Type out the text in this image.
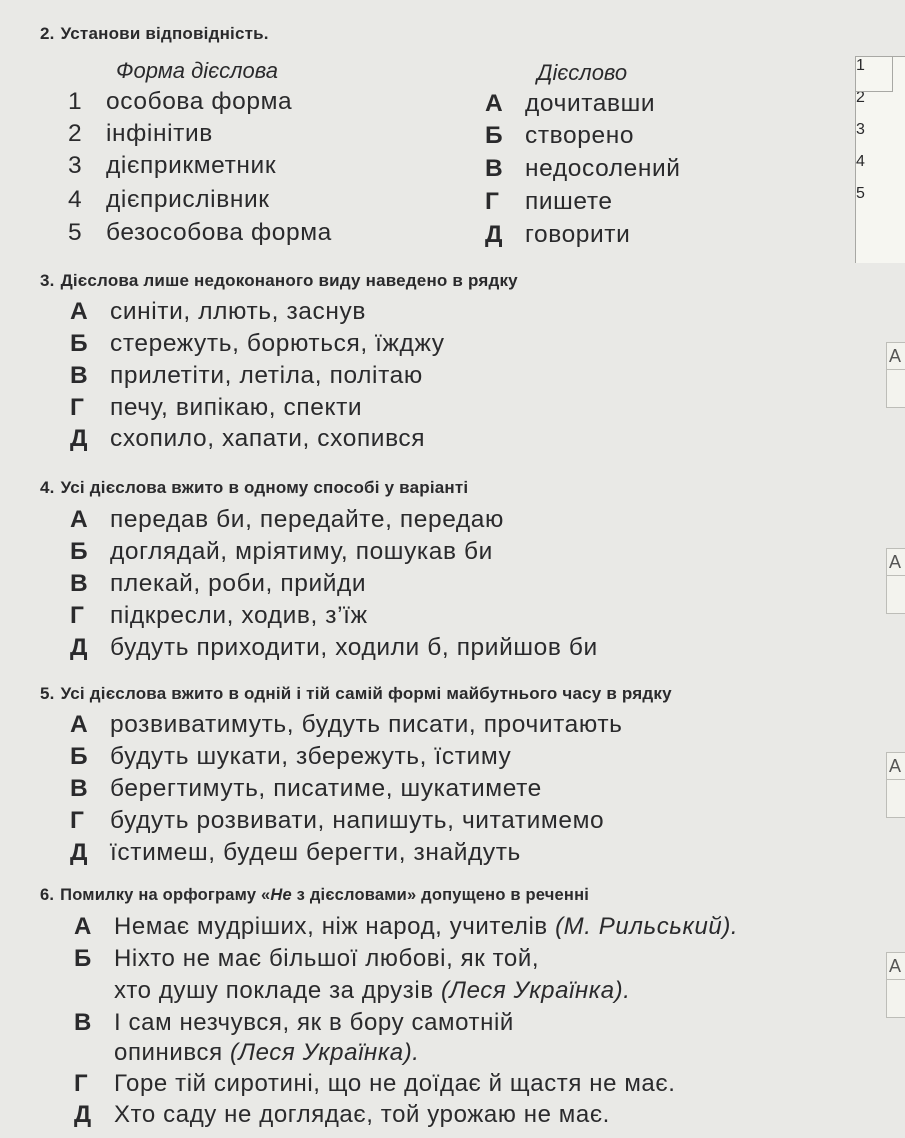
2. Установи відповідність.
Форма дієслова	Дієслово
1 особова форма
2 інфінітив
3 дієприкметник
4 дієприслівник
5 безособова форма
А дочитавши
Б створено
В недосолений
Г пишете
Д говорити
1
2
3
4
5
3. Дієслова лише недоконаного виду наведено в рядку
А синіти, ллють, заснув
Б стережуть, борються, їжджу
В прилетіти, летіла, політаю
Г печу, випікаю, спекти
Д схопило, хапати, схопився
А
4. Усі дієслова вжито в одному способі у варіанті
А передав би, передайте, передаю
Б доглядай, мріятиму, пошукав би
В плекай, роби, прийди
Г підкресли, ходив, з’їж
Д будуть приходити, ходили б, прийшов би
А
5. Усі дієслова вжито в одній і тій самій формі майбутнього часу в рядку
А розвиватимуть, будуть писати, прочитають
Б будуть шукати, збережуть, їстиму
В берегтимуть, писатиме, шукатимете
Г будуть розвивати, напишуть, читатимемо
Д їстимеш, будеш берегти, знайдуть
А
6. Помилку на орфограму «Не з дієсловами» допущено в реченні
А Немає мудріших, ніж народ, учителів (М. Рильський).
Б Ніхто не має більшої любові, як той,
хто душу покладе за друзів (Леся Українка).
В І сам незчувся, як в бору самотній
опинився (Леся Українка).
Г Горе тій сиротині, що не доїдає й щастя не має.
Д Хто саду не доглядає, той урожаю не має.
А
